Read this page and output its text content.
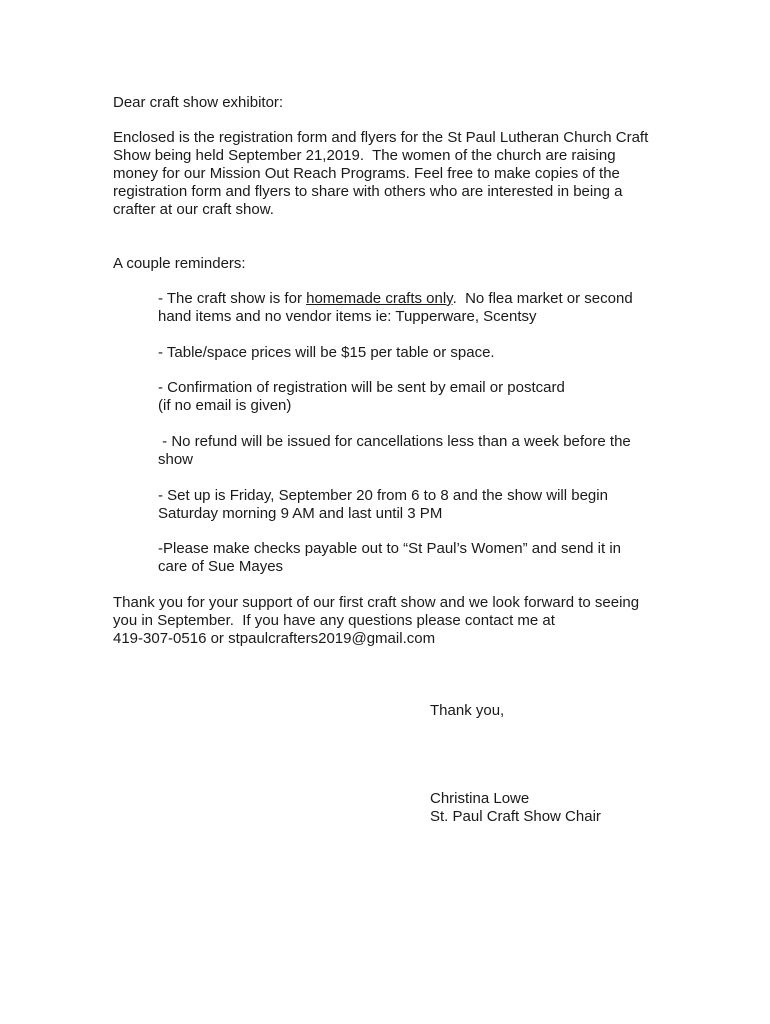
Dear craft show exhibitor:
Enclosed is the registration form and flyers for the St Paul Lutheran Church Craft
Show being held September 21,2019.  The women of the church are raising
money for our Mission Out Reach Programs. Feel free to make copies of the
registration form and flyers to share with others who are interested in being a
crafter at our craft show.
A couple reminders:
- The craft show is for homemade crafts only.  No flea market or second
hand items and no vendor items ie: Tupperware, Scentsy
- Table/space prices will be $15 per table or space.
- Confirmation of registration will be sent by email or postcard
(if no email is given)
- No refund will be issued for cancellations less than a week before the
show
- Set up is Friday, September 20 from 6 to 8 and the show will begin
Saturday morning 9 AM and last until 3 PM
-Please make checks payable out to “St Paul’s Women” and send it in
care of Sue Mayes
Thank you for your support of our first craft show and we look forward to seeing
you in September.  If you have any questions please contact me at
419-307-0516 or stpaulcrafters2019@gmail.com
Thank you,
Christina Lowe
St. Paul Craft Show Chair
